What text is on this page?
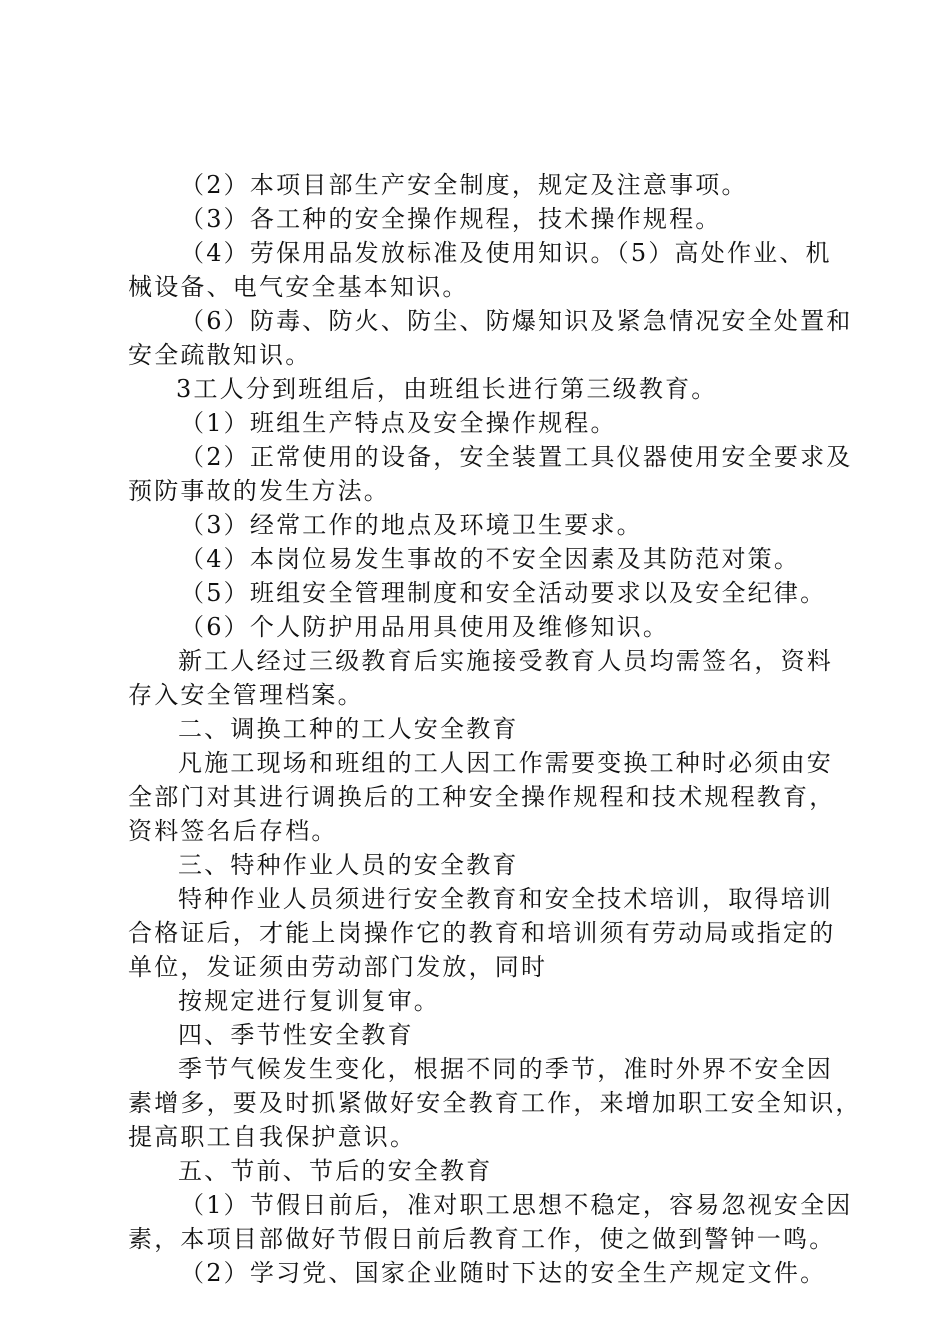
（2）本项目部生产安全制度，规定及注意事项。
（3）各工种的安全操作规程，技术操作规程。
（4）劳保用品发放标准及使用知识。（5）高处作业、机
械设备、电气安全基本知识。
（6）防毒、防火、防尘、防爆知识及紧急情况安全处置和
安全疏散知识。
3工人分到班组后，由班组长进行第三级教育。
（1）班组生产特点及安全操作规程。
（2）正常使用的设备，安全装置工具仪器使用安全要求及
预防事故的发生方法。
（3）经常工作的地点及环境卫生要求。
（4）本岗位易发生事故的不安全因素及其防范对策。
（5）班组安全管理制度和安全活动要求以及安全纪律。
（6）个人防护用品用具使用及维修知识。
新工人经过三级教育后实施接受教育人员均需签名，资料
存入安全管理档案。
二、调换工种的工人安全教育
凡施工现场和班组的工人因工作需要变换工种时必须由安
全部门对其进行调换后的工种安全操作规程和技术规程教育，
资料签名后存档。
三、特种作业人员的安全教育
特种作业人员须进行安全教育和安全技术培训，取得培训
合格证后，才能上岗操作它的教育和培训须有劳动局或指定的
单位，发证须由劳动部门发放，同时
按规定进行复训复审。
四、季节性安全教育
季节气候发生变化，根据不同的季节，准时外界不安全因
素增多，要及时抓紧做好安全教育工作，来增加职工安全知识，
提高职工自我保护意识。
五、节前、节后的安全教育
（1）节假日前后，准对职工思想不稳定，容易忽视安全因
素，本项目部做好节假日前后教育工作，使之做到警钟一鸣。
（2）学习党、国家企业随时下达的安全生产规定文件。
